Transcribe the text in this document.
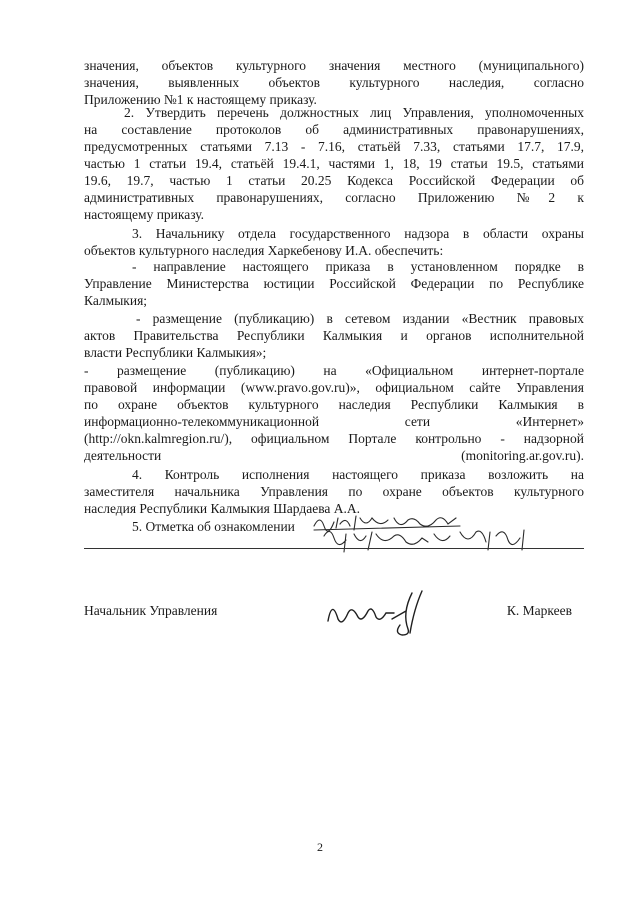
значения, объектов культурного значения местного (муниципального)
значения, выявленных объектов культурного наследия, согласно
Приложению №1 к настоящему приказу.
2. Утвердить перечень должностных лиц Управления, уполномоченных
на составление протоколов об административных правонарушениях,
предусмотренных статьями 7.13 - 7.16, статьёй 7.33, статьями 17.7, 17.9,
частью 1 статьи 19.4, статьёй 19.4.1, частями 1, 18, 19 статьи 19.5, статьями
19.6, 19.7, частью 1 статьи 20.25 Кодекса Российской Федерации об
административных правонарушениях, согласно Приложению №2 к
настоящему приказу.
3. Начальнику отдела государственного надзора в области охраны
объектов культурного наследия Харкебенову И.А. обеспечить:
- направление настоящего приказа в установленном порядке в
Управление Министерства юстиции Российской Федерации по Республике
Калмыкия;
- размещение (публикацию) в сетевом издании «Вестник правовых
актов Правительства Республики Калмыкия и органов исполнительной
власти Республики Калмыкия»;
- размещение (публикацию) на «Официальном интернет-портале
правовой информации (www.pravo.gov.ru)», официальном сайте Управления
по охране объектов культурного наследия Республики Калмыкия в
информационно-телекоммуникационной сети «Интернет»
(http://okn.kalmregion.ru/), официальном Портале контрольно - надзорной
деятельности (monitoring.ar.gov.ru).
4. Контроль исполнения настоящего приказа возложить на
заместителя начальника Управления по охране объектов культурного
наследия Республики Калмыкия Шардаева А.А.
5. Отметка об ознакомлении
Начальник Управления	К. Маркеев
2
